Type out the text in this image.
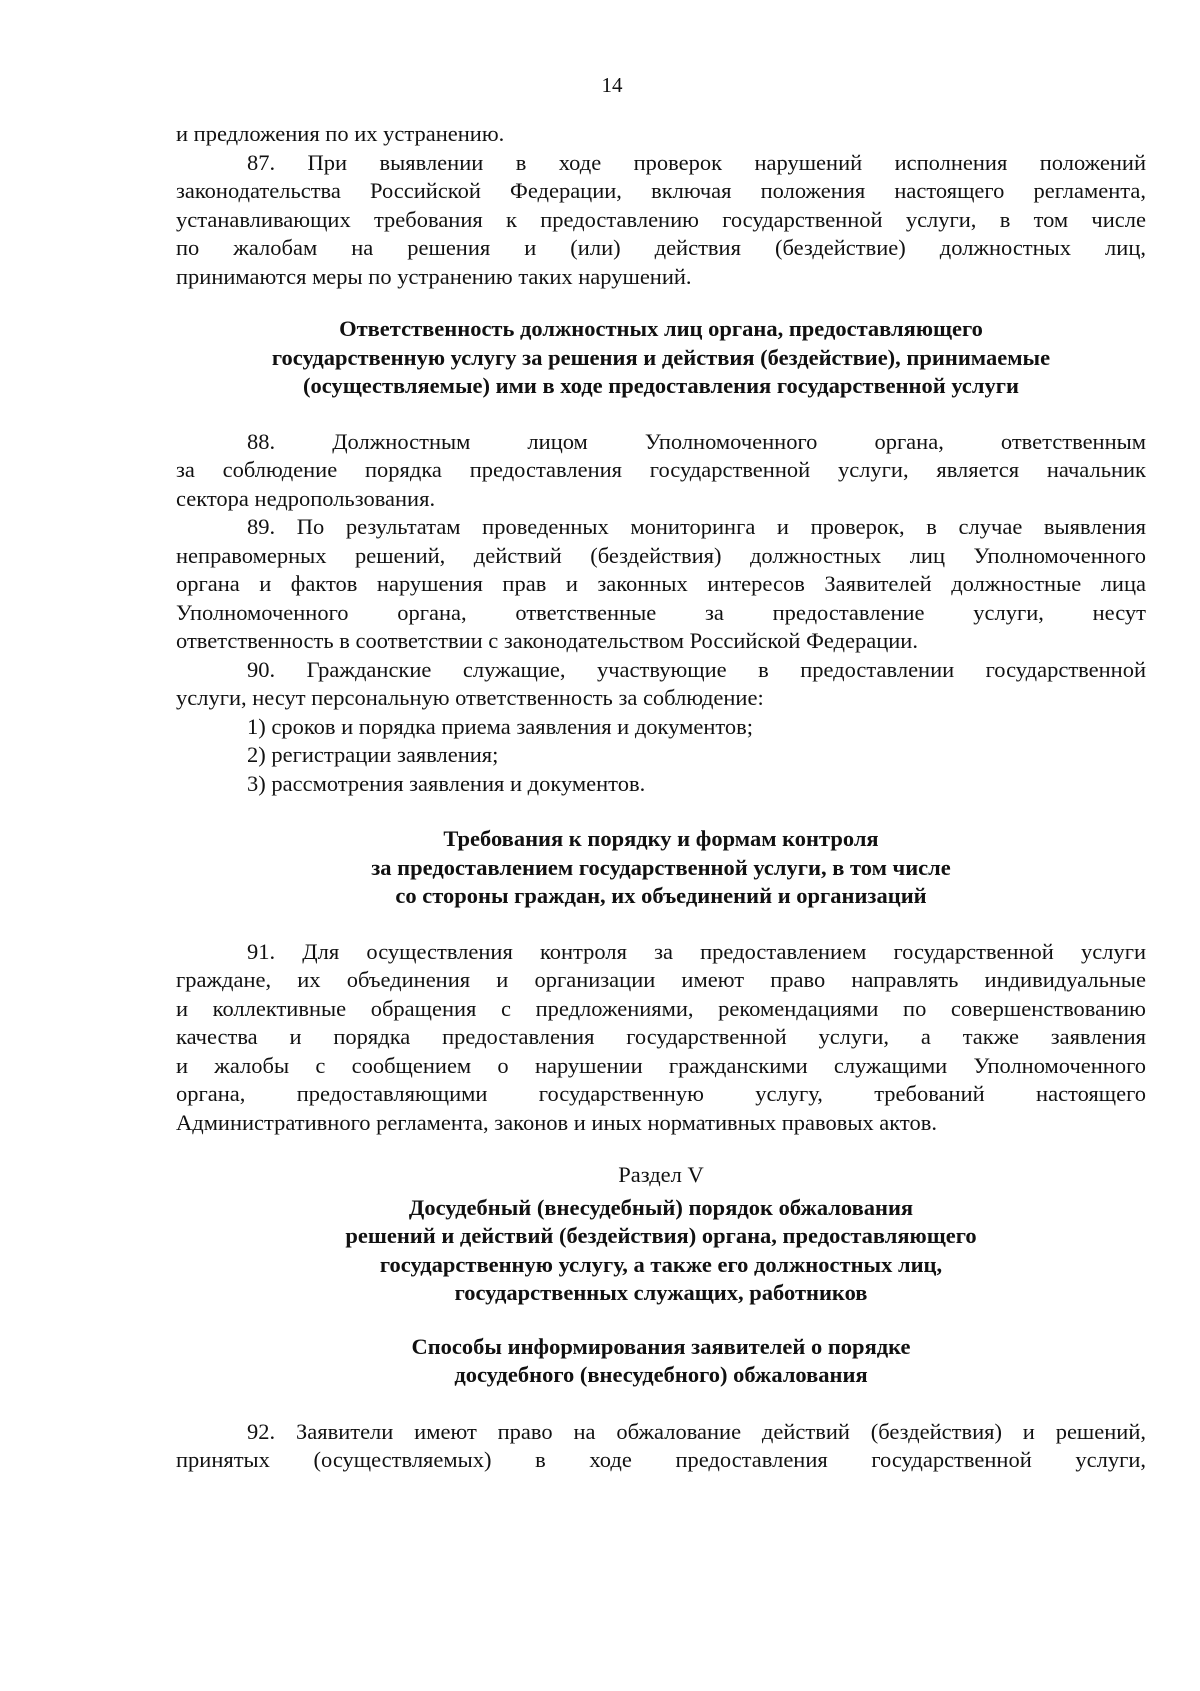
14

и предложения по их устранению.

87. При выявлении в ходе проверок нарушений исполнения положений

законодательства Российской Федерации, включая положения настоящего регламента,

устанавливающих требования к предоставлению государственной услуги, в том числе

по жалобам на решения и (или) действия (бездействие) должностных лиц,

принимаются меры по устранению таких нарушений.

Ответственность должностных лиц органа, предоставляющего
государственную услугу за решения и действия (бездействие), принимаемые
(осуществляемые) ими в ходе предоставления государственной услуги

88. Должностным лицом Уполномоченного органа, ответственным

за соблюдение порядка предоставления государственной услуги, является начальник

сектора недропользования.

89. По результатам проведенных мониторинга и проверок, в случае выявления

неправомерных решений, действий (бездействия) должностных лиц Уполномоченного

органа и фактов нарушения прав и законных интересов Заявителей должностные лица

Уполномоченного органа, ответственные за предоставление услуги, несут

ответственность в соответствии с законодательством Российской Федерации.

90. Гражданские служащие, участвующие в предоставлении государственной

услуги, несут персональную ответственность за соблюдение:

1) сроков и порядка приема заявления и документов;

2) регистрации заявления;

3) рассмотрения заявления и документов.

Требования к порядку и формам контроля
за предоставлением государственной услуги, в том числе
со стороны граждан, их объединений и организаций

91. Для осуществления контроля за предоставлением государственной услуги

граждане, их объединения и организации имеют право направлять индивидуальные

и коллективные обращения с предложениями, рекомендациями по совершенствованию

качества и порядка предоставления государственной услуги, а также заявления

и жалобы с сообщением о нарушении гражданскими служащими Уполномоченного

органа, предоставляющими государственную услугу, требований настоящего

Административного регламента, законов и иных нормативных правовых актов.

Раздел V
Досудебный (внесудебный) порядок обжалования
решений и действий (бездействия) органа, предоставляющего
государственную услугу, а также его должностных лиц,
государственных служащих, работников
Способы информирования заявителей о порядке
досудебного (внесудебного) обжалования

92. Заявители имеют право на обжалование действий (бездействия) и решений,

принятых (осуществляемых) в ходе предоставления государственной услуги,
